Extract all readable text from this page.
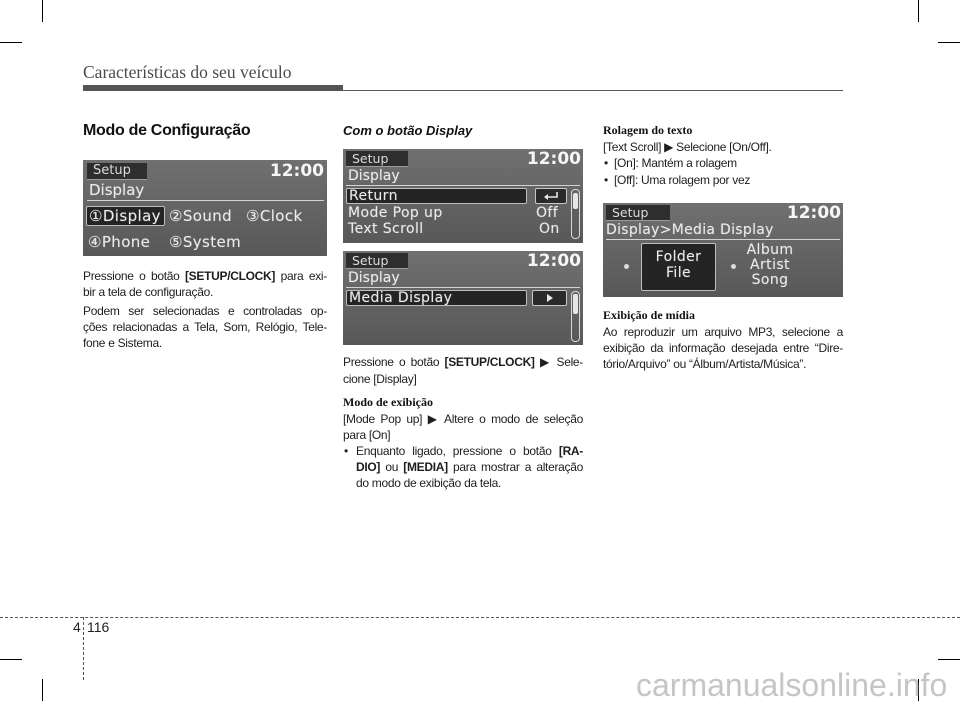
Características do seu veículo
Modo de Configuração
Setup	12:00
Display
①Display ②Sound ③Clock
④Phone ⑤System
Pressione o botão [SETUP/CLOCK] para exi-
bir a tela de configuração.
Podem ser selecionadas e controladas op-
ções relacionadas a Tela, Som, Relógio, Tele-
fone e Sistema.
Com o botão Display
Setup	12:00
Display
Return
Mode Pop up	Off
Text Scroll	On
Setup	12:00
Display
Media Display
Pressione o botão [SETUP/CLOCK] ▶ Sele-
cione [Display]
Modo de exibição
[Mode Pop up] ▶ Altere o modo de seleção
para [On]
• Enquanto ligado, pressione o botão [RA-
DIO] ou [MEDIA] para mostrar a alteração
do modo de exibição da tela.
Rolagem do texto
[Text Scroll] ▶ Selecione [On/Off].
• [On]: Mantém a rolagem
• [Off]: Uma rolagem por vez
Setup	12:00
Display>Media Display
Folder
File
Album
Artist
Song
Exibição de mídia
Ao reproduzir um arquivo MP3, selecione a
exibição da informação desejada entre “Dire-
tório/Arquivo” ou “Álbum/Artista/Música”.
4 116
carmanualsonline.info
